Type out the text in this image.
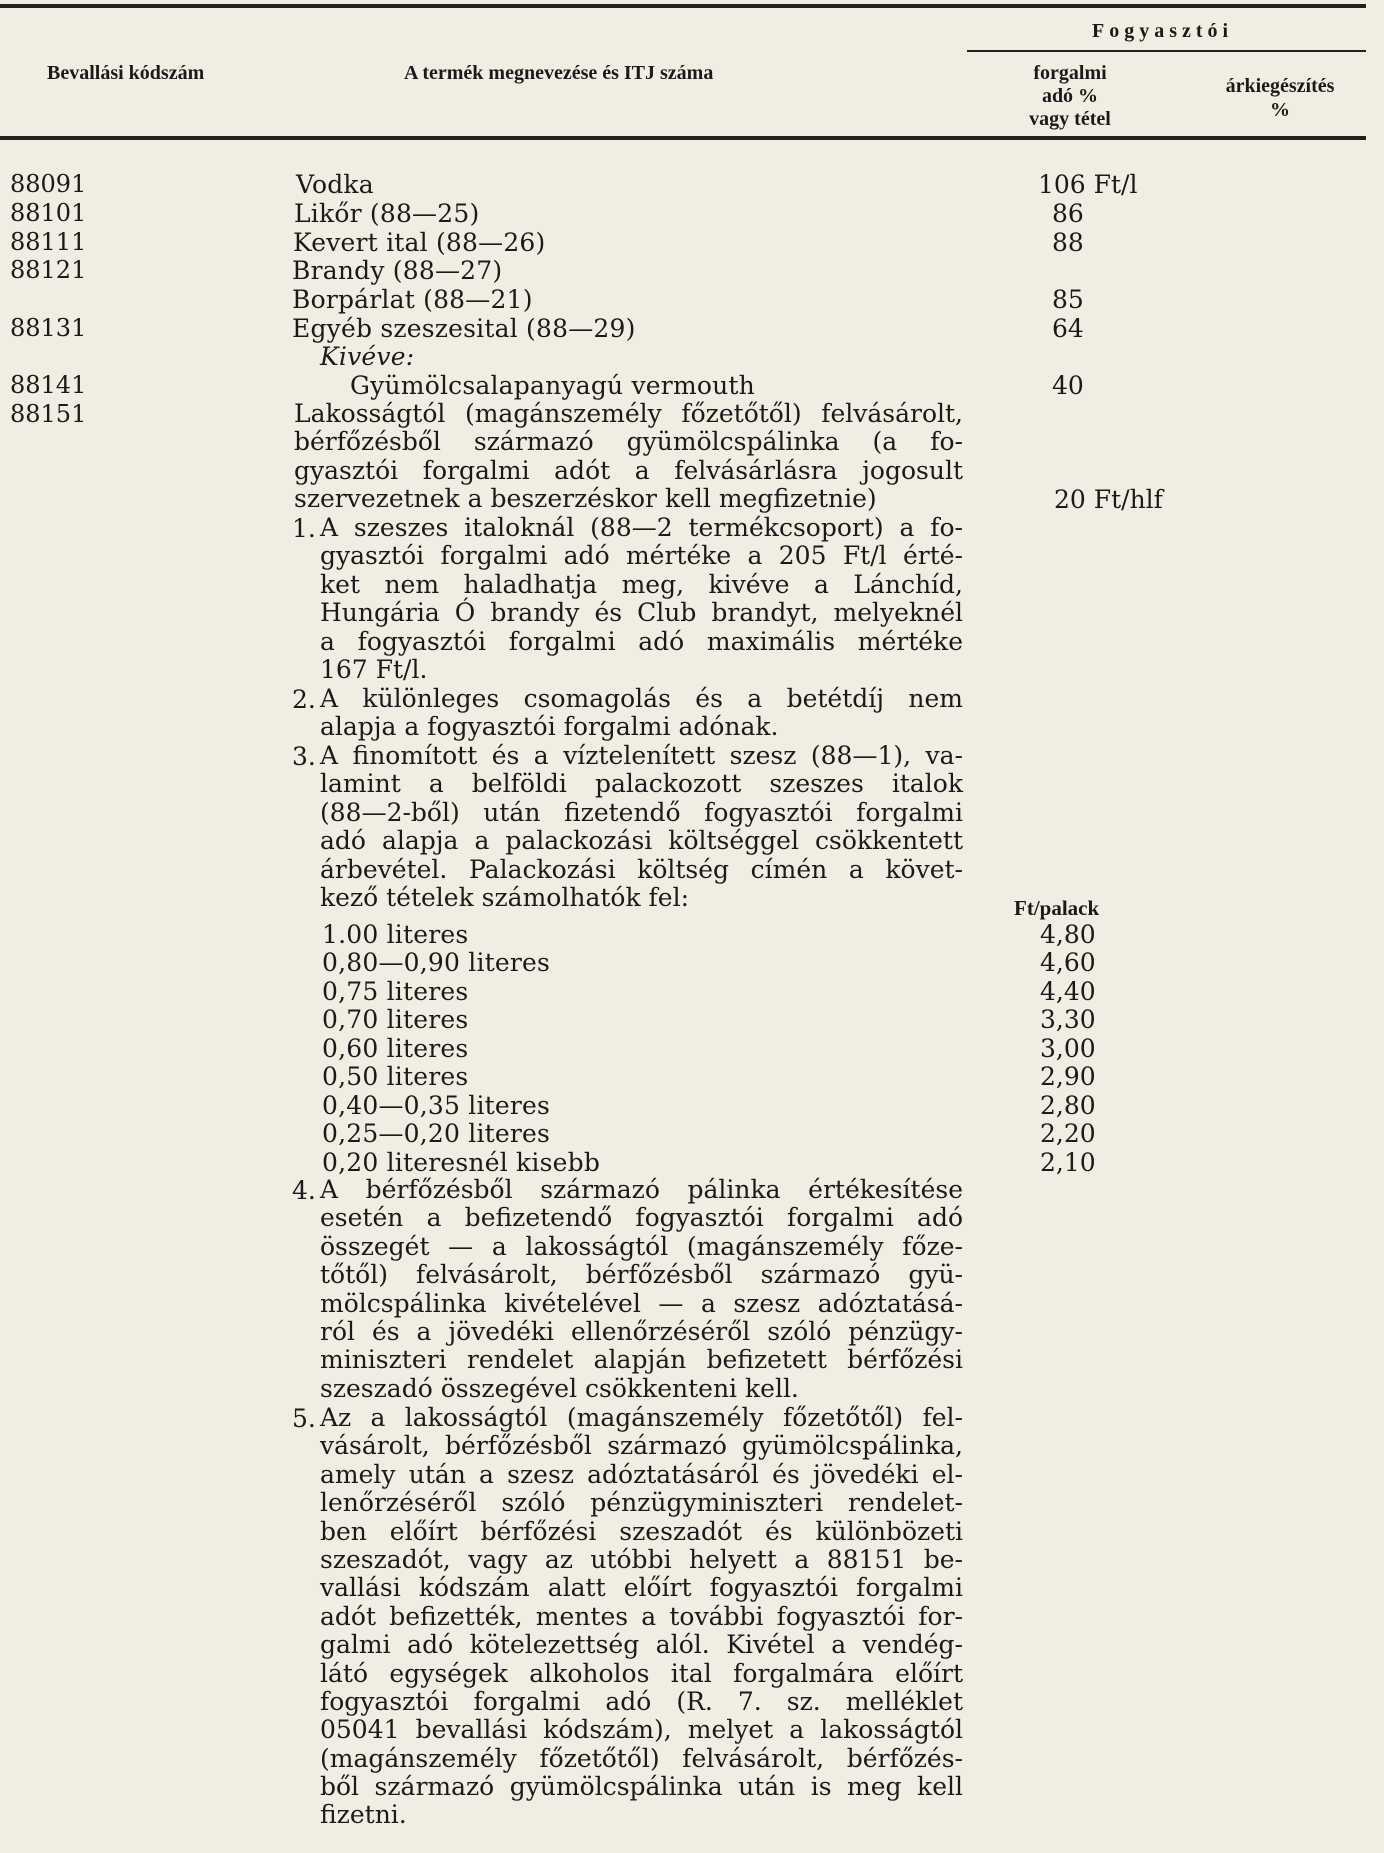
Bevallási kódszám	A termék megnevezése és ITJ száma
Fogyasztói
forgalmi
adó %
vagy tétel
árkiegészítés
%
88091	Vodka	106 Ft/l
88101	Likőr (88—25)	86
88111	Kevert ital (88—26)	88
88121	Brandy (88—27)
Borpárlat (88—21)	85
88131	Egyéb szeszesital (88—29)	64
Kivéve:
88141	Gyümölcsalapanyagú vermouth	40
88151	Lakosságtól (magánszemély főzetőtől) felvásárolt,
bérfőzésből származó gyümölcspálinka (a fo-
gyasztói forgalmi adót a felvásárlásra jogosult
szervezetnek a beszerzéskor kell megfizetnie)	20 Ft/hlf
1. A szeszes italoknál (88—2 termékcsoport) a fo-
gyasztói forgalmi adó mértéke a 205 Ft/l érté-
ket nem haladhatja meg, kivéve a Lánchíd,
Hungária Ó brandy és Club brandyt, melyeknél
a fogyasztói forgalmi adó maximális mértéke
167 Ft/l.
2. A különleges csomagolás és a betétdíj nem
alapja a fogyasztói forgalmi adónak.
3. A finomított és a víztelenített szesz (88—1), va-
lamint a belföldi palackozott szeszes italok
(88—2-ből) után fizetendő fogyasztói forgalmi
adó alapja a palackozási költséggel csökkentett
árbevétel. Palackozási költség címén a követ-
kező tételek számolhatók fel:	Ft/palack
1.00 literes	4,80
0,80—0,90 literes	4,60
0,75 literes	4,40
0,70 literes	3,30
0,60 literes	3,00
0,50 literes	2,90
0,40—0,35 literes	2,80
0,25—0,20 literes	2,20
0,20 literesnél kisebb	2,10
4. A bérfőzésből származó pálinka értékesítése
esetén a befizetendő fogyasztói forgalmi adó
összegét — a lakosságtól (magánszemély főze-
tőtől) felvásárolt, bérfőzésből származó gyü-
mölcspálinka kivételével — a szesz adóztatásá-
ról és a jövedéki ellenőrzéséről szóló pénzügy-
miniszteri rendelet alapján befizetett bérfőzési
szeszadó összegével csökkenteni kell.
5. Az a lakosságtól (magánszemély főzetőtől) fel-
vásárolt, bérfőzésből származó gyümölcspálinka,
amely után a szesz adóztatásáról és jövedéki el-
lenőrzéséről szóló pénzügyminiszteri rendelet-
ben előírt bérfőzési szeszadót és különbözeti
szeszadót, vagy az utóbbi helyett a 88151 be-
vallási kódszám alatt előírt fogyasztói forgalmi
adót befizették, mentes a további fogyasztói for-
galmi adó kötelezettség alól. Kivétel a vendég-
látó egységek alkoholos ital forgalmára előírt
fogyasztói forgalmi adó (R. 7. sz. melléklet
05041 bevallási kódszám), melyet a lakosságtól
(magánszemély főzetőtől) felvásárolt, bérfőzés-
ből származó gyümölcspálinka után is meg kell
fizetni.
